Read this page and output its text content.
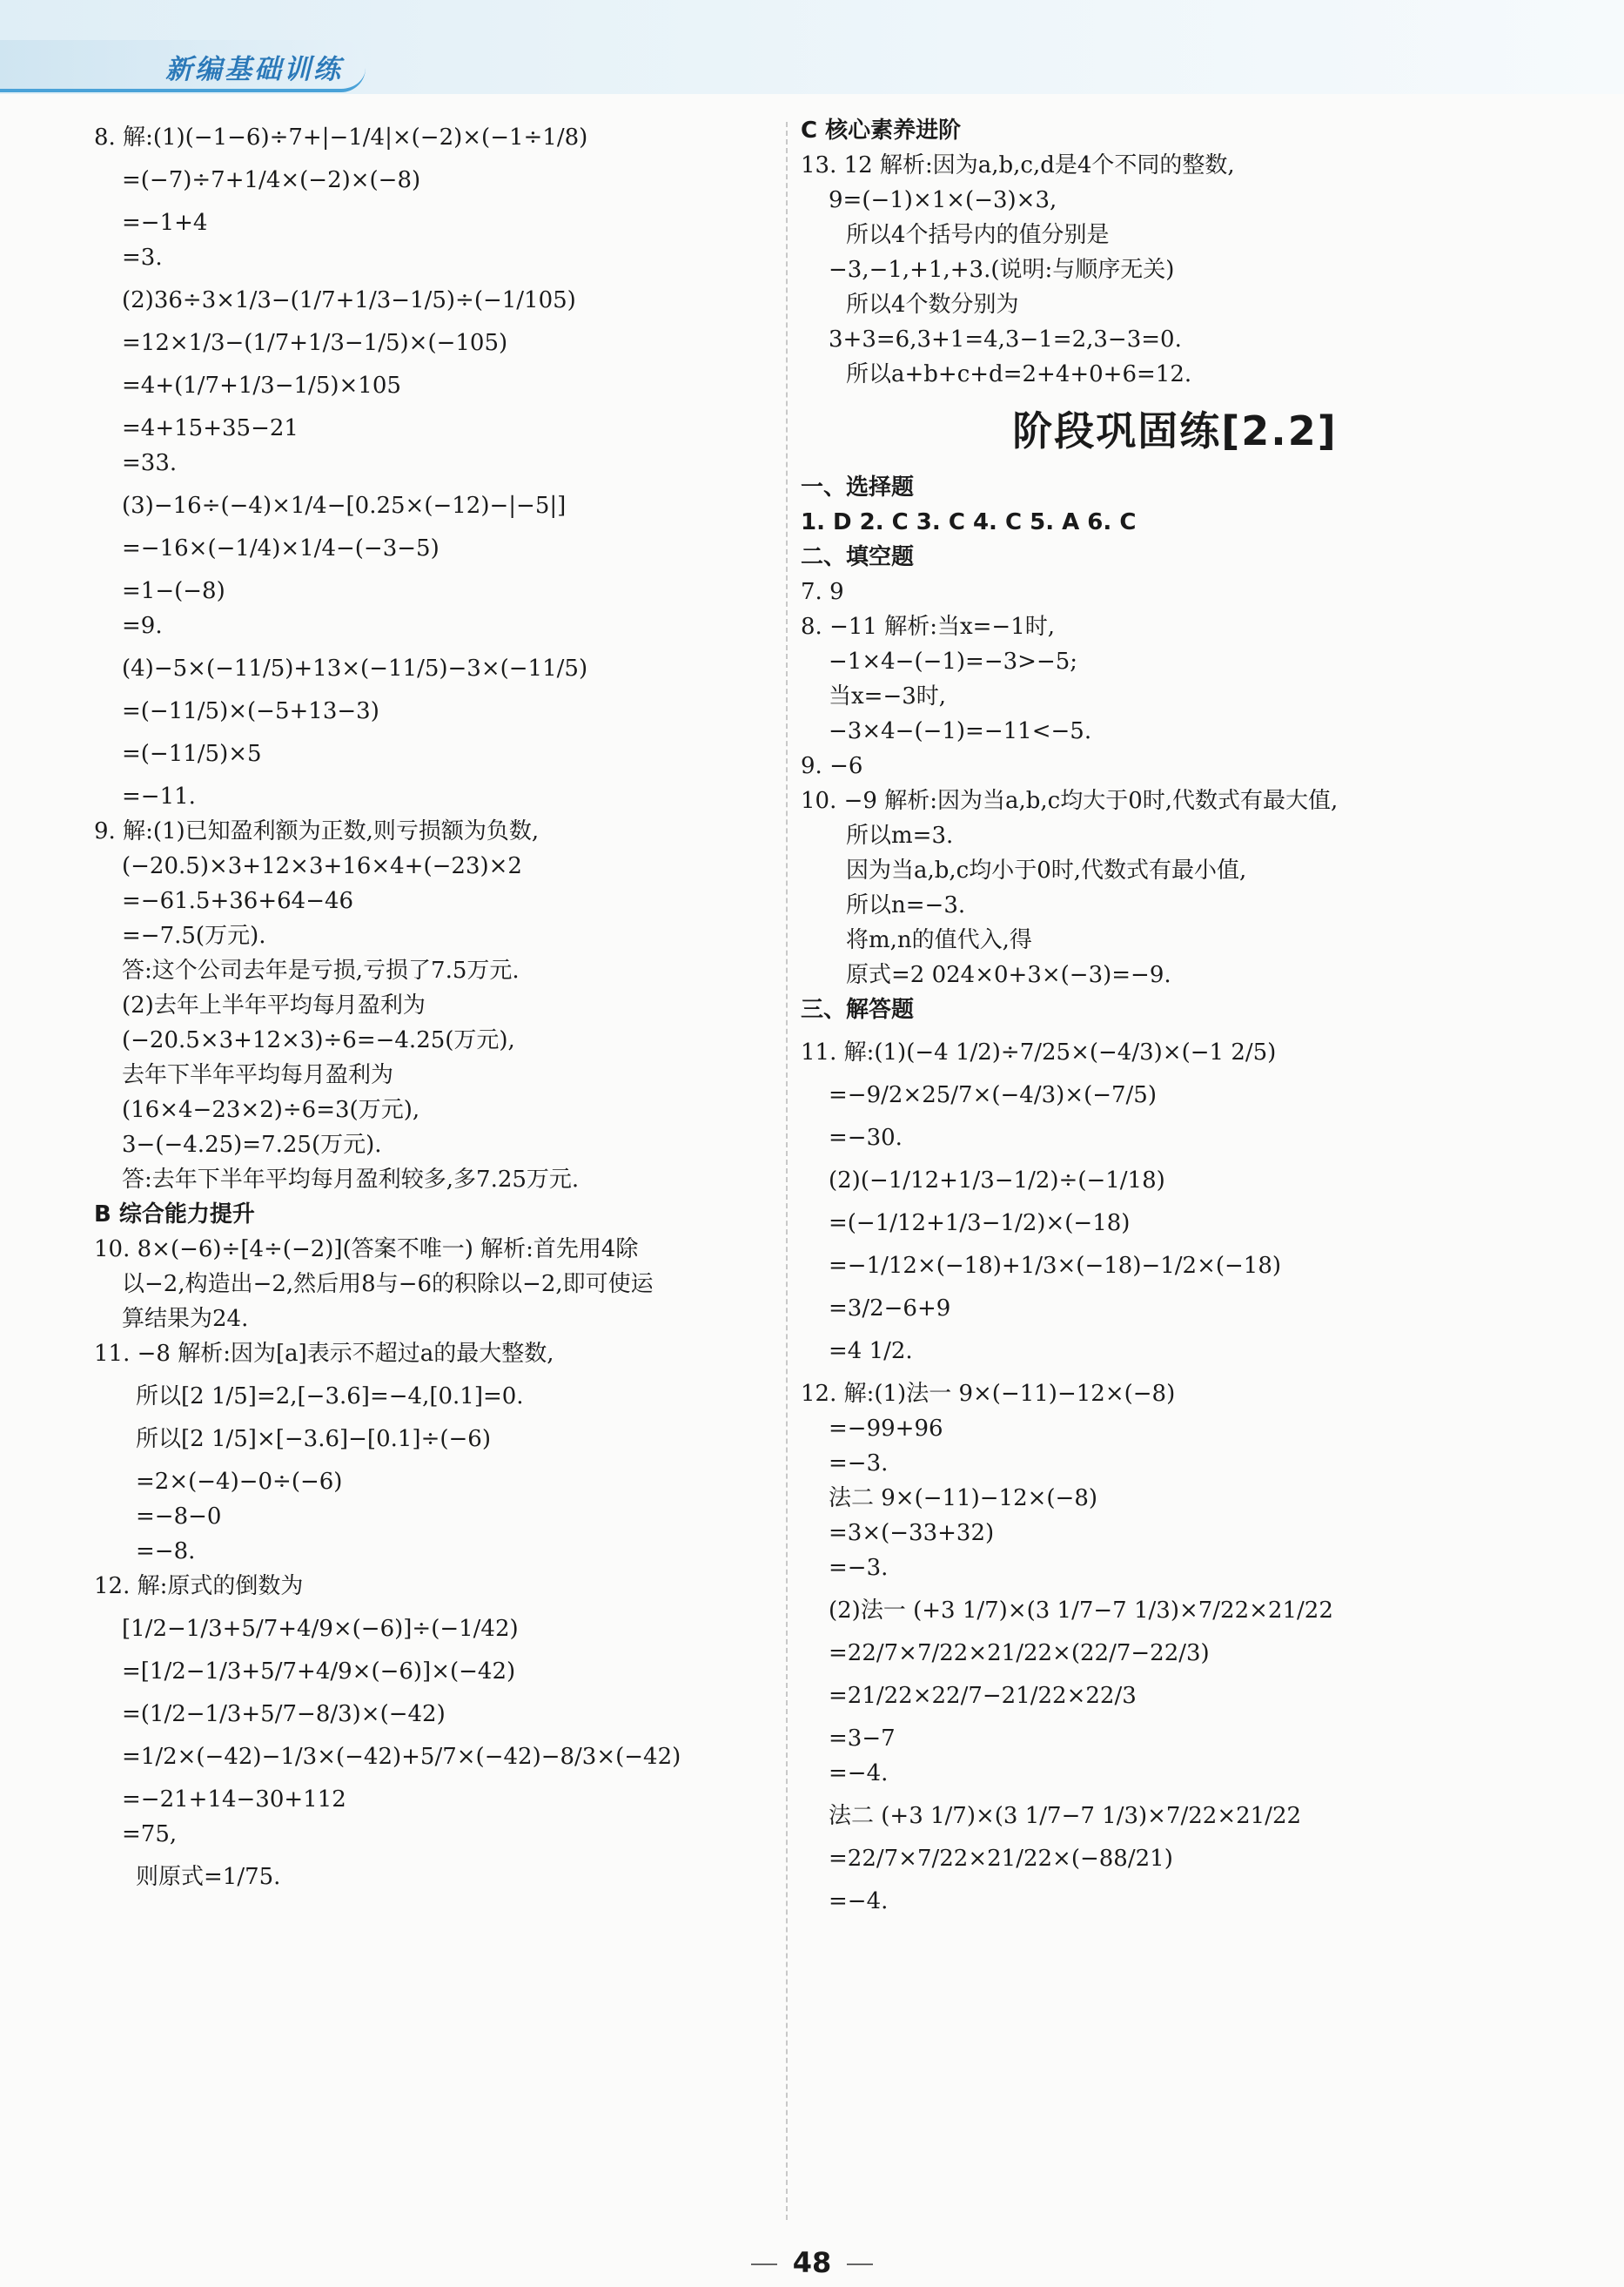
新编基础训练
8. 解:(1)(−1−6)÷7+|−1/4|×(−2)×(−1÷1/8)
=(−7)÷7+1/4×(−2)×(−8)
=−1+4
=3.
(2)36÷3×1/3−(1/7+1/3−1/5)÷(−1/105)
=12×1/3−(1/7+1/3−1/5)×(−105)
=4+(1/7+1/3−1/5)×105
=4+15+35−21
=33.
(3)−16÷(−4)×1/4−[0.25×(−12)−|−5|]
=−16×(−1/4)×1/4−(−3−5)
=1−(−8)
=9.
(4)−5×(−11/5)+13×(−11/5)−3×(−11/5)
=(−11/5)×(−5+13−3)
=(−11/5)×5
=−11.
9. 解:(1)已知盈利额为正数,则亏损额为负数,
(−20.5)×3+12×3+16×4+(−23)×2
=−61.5+36+64−46
=−7.5(万元).
答:这个公司去年是亏损,亏损了7.5万元.
(2)去年上半年平均每月盈利为
(−20.5×3+12×3)÷6=−4.25(万元),
去年下半年平均每月盈利为
(16×4−23×2)÷6=3(万元),
3−(−4.25)=7.25(万元).
答:去年下半年平均每月盈利较多,多7.25万元.
B 综合能力提升
10. 8×(−6)÷[4÷(−2)](答案不唯一) 解析:首先用4除
以−2,构造出−2,然后用8与−6的积除以−2,即可使运
算结果为24.
11. −8 解析:因为[a]表示不超过a的最大整数,
所以[2 1/5]=2,[−3.6]=−4,[0.1]=0.
所以[2 1/5]×[−3.6]−[0.1]÷(−6)
=2×(−4)−0÷(−6)
=−8−0
=−8.
12. 解:原式的倒数为
[1/2−1/3+5/7+4/9×(−6)]÷(−1/42)
=[1/2−1/3+5/7+4/9×(−6)]×(−42)
=(1/2−1/3+5/7−8/3)×(−42)
=1/2×(−42)−1/3×(−42)+5/7×(−42)−8/3×(−42)
=−21+14−30+112
=75,
则原式=1/75.
C 核心素养进阶
13. 12 解析:因为a,b,c,d是4个不同的整数,
9=(−1)×1×(−3)×3,
所以4个括号内的值分别是
−3,−1,+1,+3.(说明:与顺序无关)
所以4个数分别为
3+3=6,3+1=4,3−1=2,3−3=0.
所以a+b+c+d=2+4+0+6=12.
阶段巩固练[2.2]
一、选择题
1. D 2. C 3. C 4. C 5. A 6. C
二、填空题
7. 9
8. −11 解析:当x=−1时,
−1×4−(−1)=−3>−5;
当x=−3时,
−3×4−(−1)=−11<−5.
9. −6
10. −9 解析:因为当a,b,c均大于0时,代数式有最大值,
所以m=3.
因为当a,b,c均小于0时,代数式有最小值,
所以n=−3.
将m,n的值代入,得
原式=2 024×0+3×(−3)=−9.
三、解答题
11. 解:(1)(−4 1/2)÷7/25×(−4/3)×(−1 2/5)
=−9/2×25/7×(−4/3)×(−7/5)
=−30.
(2)(−1/12+1/3−1/2)÷(−1/18)
=(−1/12+1/3−1/2)×(−18)
=−1/12×(−18)+1/3×(−18)−1/2×(−18)
=3/2−6+9
=4 1/2.
12. 解:(1)法一 9×(−11)−12×(−8)
=−99+96
=−3.
法二 9×(−11)−12×(−8)
=3×(−33+32)
=−3.
(2)法一 (+3 1/7)×(3 1/7−7 1/3)×7/22×21/22
=22/7×7/22×21/22×(22/7−22/3)
=21/22×22/7−21/22×22/3
=3−7
=−4.
法二 (+3 1/7)×(3 1/7−7 1/3)×7/22×21/22
=22/7×7/22×21/22×(−88/21)
=−4.
48
